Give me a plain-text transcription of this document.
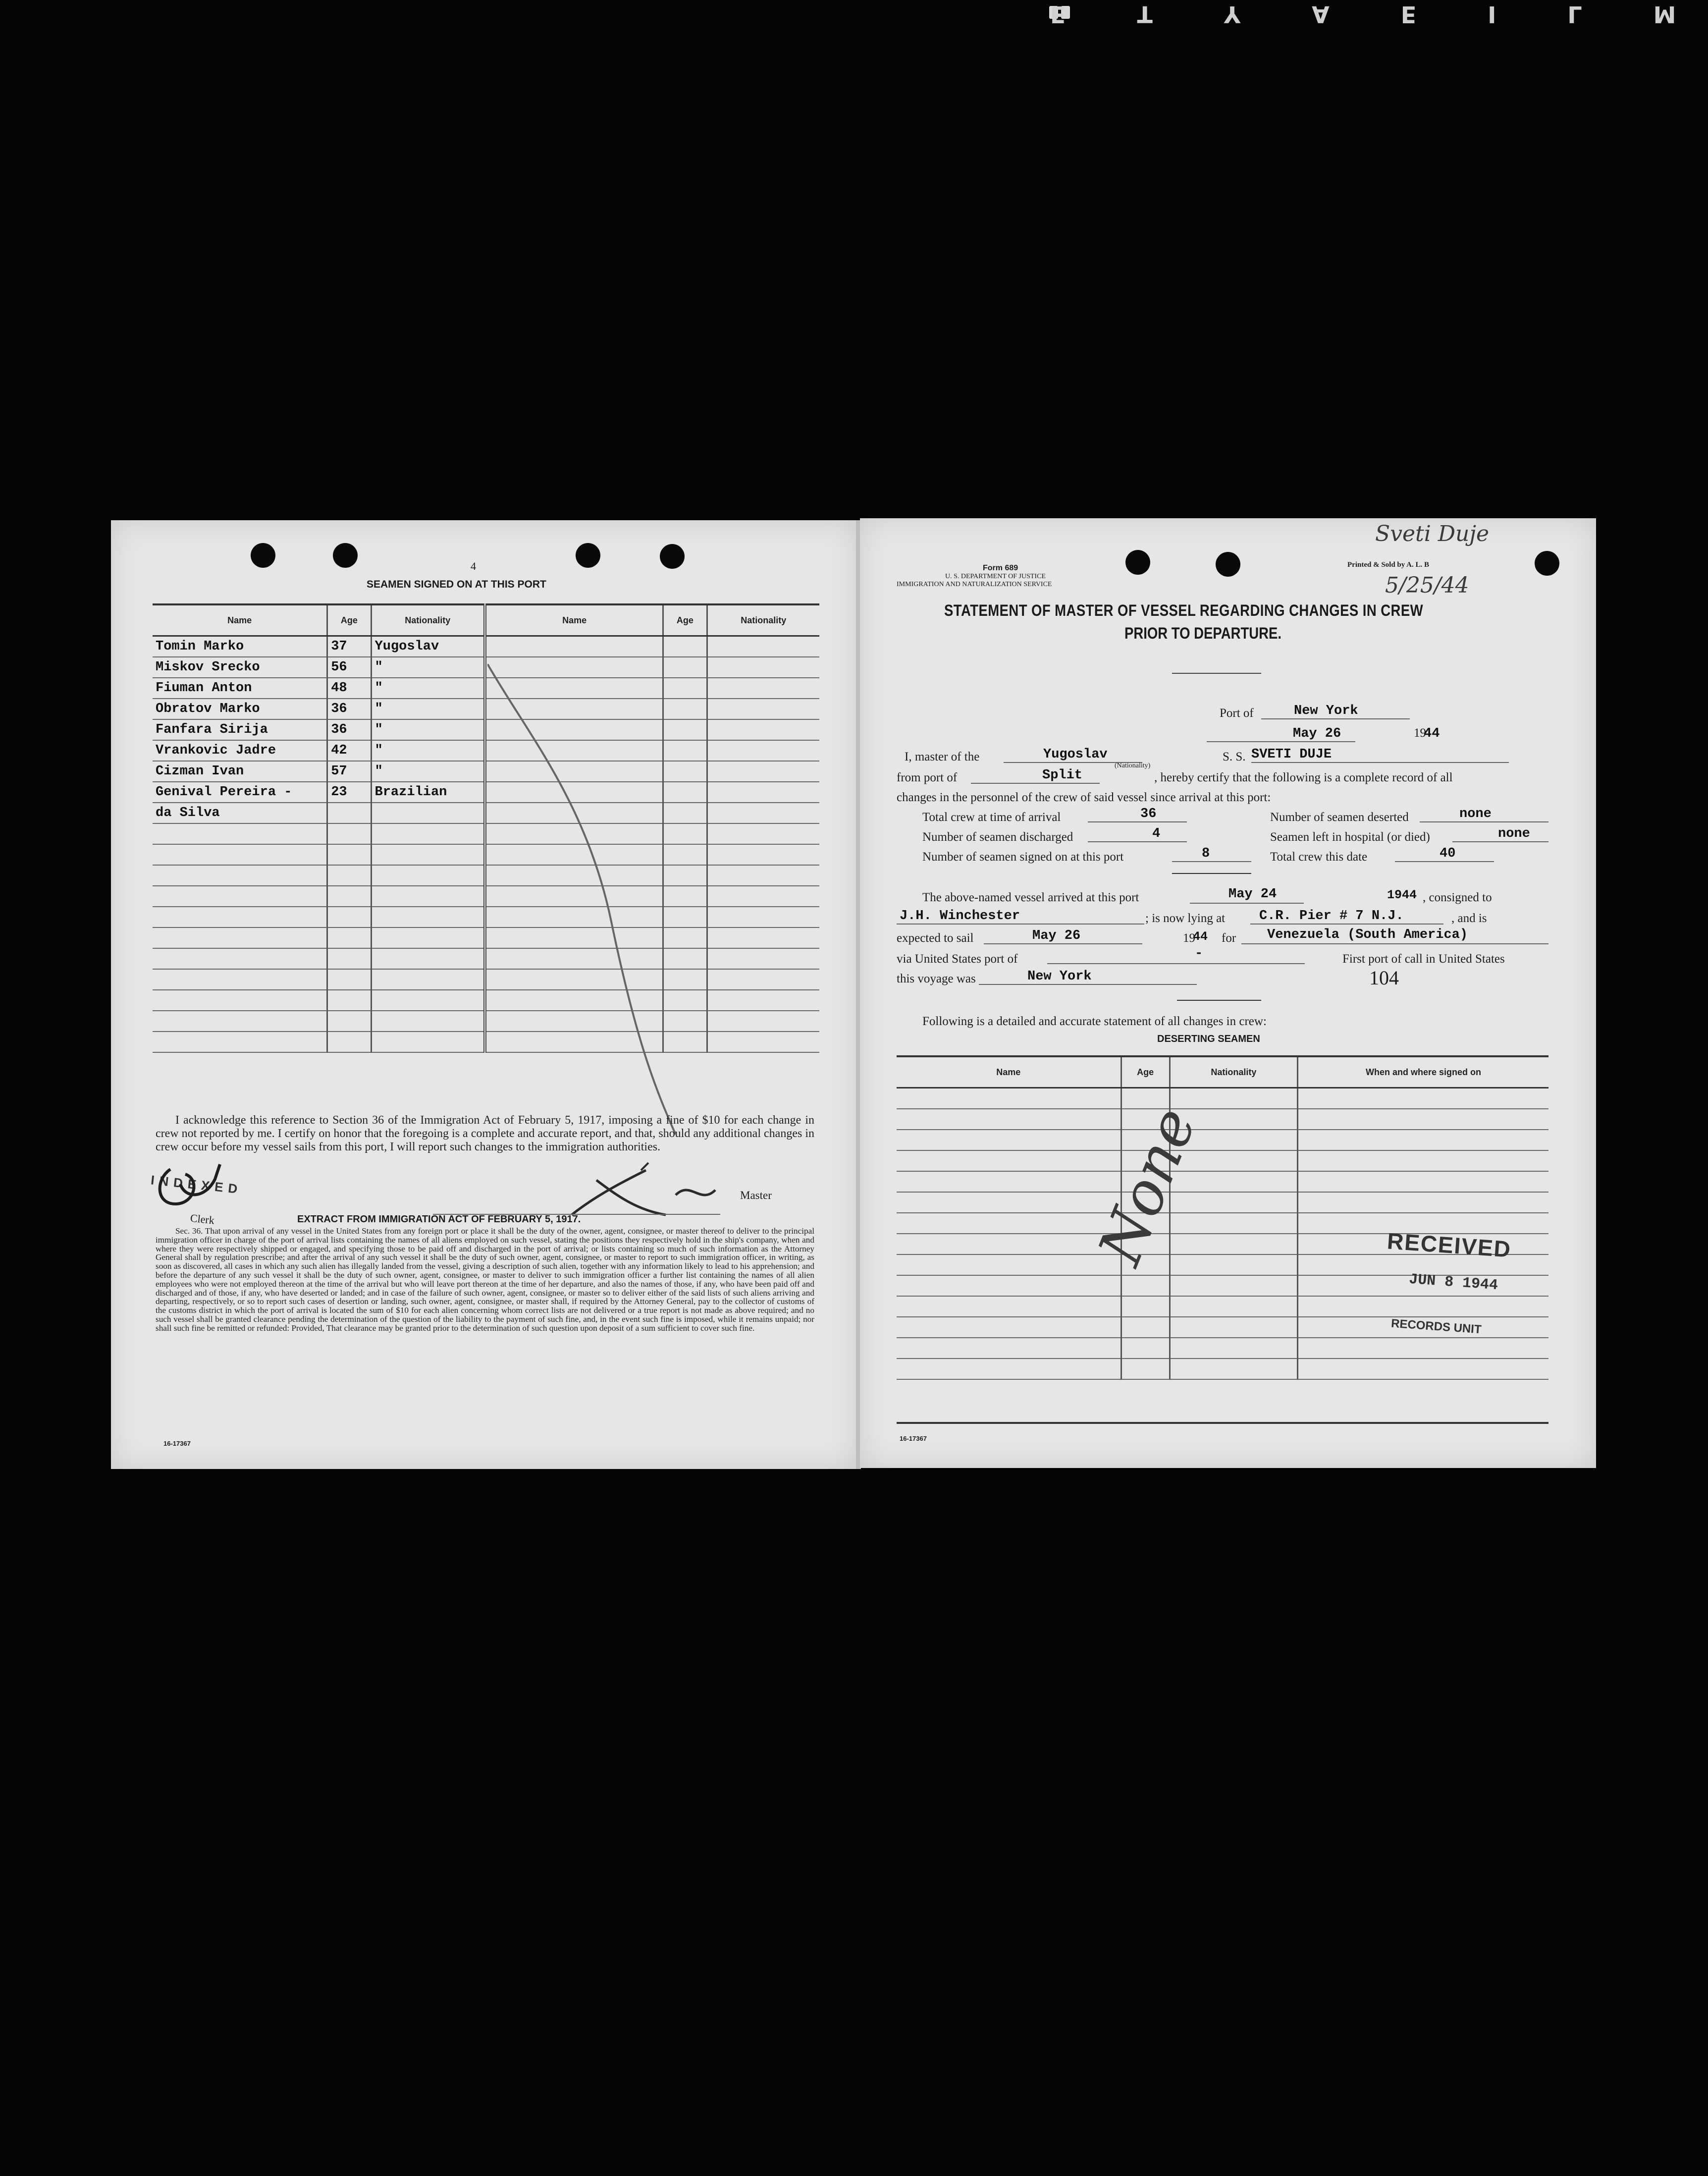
E T Y A E I L M
4
SEAMEN SIGNED ON AT THIS PORT
Name	Age	Nationality	Name	Age	Nationality
Tomin Marko	37	Yugoslav			
Miskov Srecko	56	"			
Fiuman Anton	48	"			
Obratov Marko	36	"			
Fanfara Sirija	36	"			
Vrankovic Jadre	42	"			
Cizman Ivan	57	"			
Genival Pereira -	23	Brazilian			
da Silva					

I acknowledge this reference to Section 36 of the Immigration Act of February 5, 1917, imposing a fine of $10 for each change in crew not reported by me. I certify on honor that the foregoing is a complete and accurate report, and that, should any additional changes in crew occur before my vessel sails from this port, I will report such changes to the immigration authorities.
Master
INDEXED
Clerk	EXTRACT FROM IMMIGRATION ACT OF FEBRUARY 5, 1917.
Sec. 36. That upon arrival of any vessel in the United States from any foreign port or place it shall be the duty of the owner, agent, consignee, or master thereof to deliver to the principal immigration officer in charge of the port of arrival lists containing the names of all aliens employed on such vessel, stating the positions they respectively hold in the ship's company, when and where they were respectively shipped or engaged, and specifying those to be paid off and discharged in the port of arrival; or lists containing so much of such information as the Attorney General shall by regulation prescribe; and after the arrival of any such vessel it shall be the duty of such owner, agent, consignee, or master to report to such immigration officer, in writing, as soon as discovered, all cases in which any such alien has illegally landed from the vessel, giving a description of such alien, together with any information likely to lead to his apprehension; and before the departure of any such vessel it shall be the duty of such owner, agent, consignee, or master to deliver to such immigration officer a further list containing the names of all alien employees who were not employed thereon at the time of the arrival but who will leave port thereon at the time of her departure, and also the names of those, if any, who have been paid off and discharged and of those, if any, who have deserted or landed; and in case of the failure of such owner, agent, consignee, or master so to deliver either of the said lists of such aliens arriving and departing, respectively, or so to report such cases of desertion or landing, such owner, agent, consignee, or master shall, if required by the Attorney General, pay to the collector of customs of the customs district in which the port of arrival is located the sum of $10 for each alien concerning whom correct lists are not delivered or a true report is not made as above required; and no such vessel shall be granted clearance pending the determination of the question of the liability to the payment of such fine, and, in the event such fine is imposed, while it remains unpaid; nor shall such fine be remitted or refunded: Provided, That clearance may be granted prior to the determination of such question upon deposit of a sum sufficient to cover such fine.
16-17367
Sveti Duje
5/25/44
Form 689
U. S. DEPARTMENT OF JUSTICE
IMMIGRATION AND NATURALIZATION SERVICE
Printed & Sold by A. L. B
STATEMENT OF MASTER OF VESSEL REGARDING CHANGES IN CREW
PRIOR TO DEPARTURE.
Port of	New York
May 26	19
44
I, master of the	Yugoslav
(Nationality)
S. S. SVETI DUJE
from port of	Split	, hereby certify that the following is a complete record of all
changes in the personnel of the crew of said vessel since arrival at this port:
Total crew at time of arrival	36	Number of seamen deserted	none
Number of seamen discharged	4	Seamen left in hospital (or died)	none
Number of seamen signed on at this port	8	Total crew this date	40
The above-named vessel arrived at this port	May 24	1944 , consigned to
J.H. Winchester	; is now lying at	C.R. Pier # 7 N.J.	, and is
expected to sail	May 26	19
44 for Venezuela (South America)
via United States port of	-	First port of call in United States
this voyage was	New York	104
Following is a detailed and accurate statement of all changes in crew:
DESERTING SEAMEN
Name	Age	Nationality	When and where signed on

None	RECEIVED
JUN 8 1944
RECORDS UNIT
16-17367
